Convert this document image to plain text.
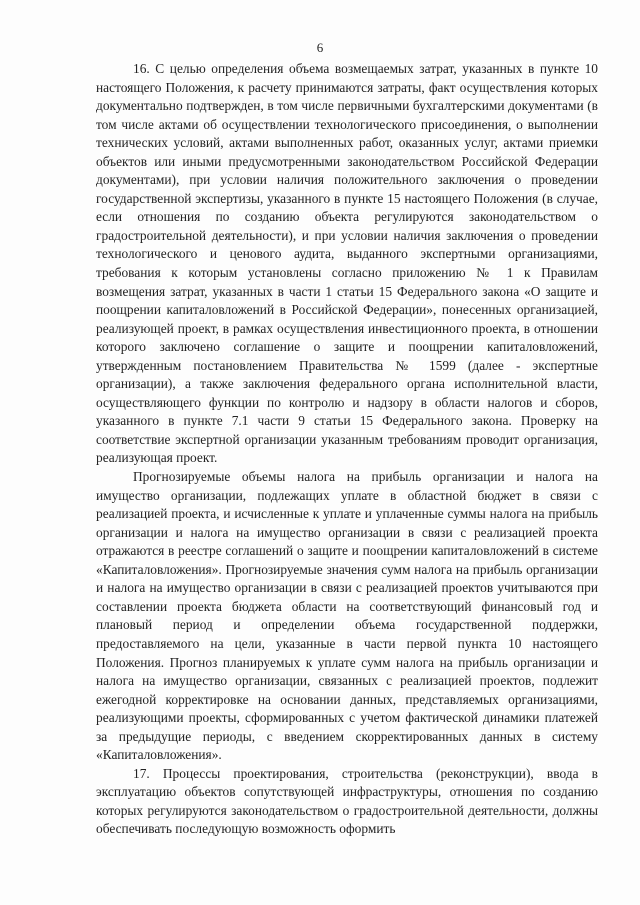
6

16. С целью определения объема возмещаемых затрат, указанных в пункте 10 настоящего Положения, к расчету принимаются затраты, факт осуществления которых документально подтвержден, в том числе первичными бухгалтерскими документами (в том числе актами об осуществлении технологического присоединения, о выполнении технических условий, актами выполненных работ, оказанных услуг, актами приемки объектов или иными предусмотренными законодательством Российской Федерации документами), при условии наличия положительного заключения о проведении государственной экспертизы, указанного в пункте 15 настоящего Положения (в случае, если отношения по созданию объекта регулируются законодательством о градостроительной деятельности), и при условии наличия заключения о проведении технологического и ценового аудита, выданного экспертными организациями, требования к которым установлены согласно приложению № 1 к Правилам возмещения затрат, указанных в части 1 статьи 15 Федерального закона «О защите и поощрении капиталовложений в Российской Федерации», понесенных организацией, реализующей проект, в рамках осуществления инвестиционного проекта, в отношении которого заключено соглашение о защите и поощрении капиталовложений, утвержденным постановлением Правительства № 1599 (далее - экспертные организации), а также заключения федерального органа исполнительной власти, осуществляющего функции по контролю и надзору в области налогов и сборов, указанного в пункте 7.1 части 9 статьи 15 Федерального закона. Проверку на соответствие экспертной организации указанным требованиям проводит организация, реализующая проект.

Прогнозируемые объемы налога на прибыль организации и налога на имущество организации, подлежащих уплате в областной бюджет в связи с реализацией проекта, и исчисленные к уплате и уплаченные суммы налога на прибыль организации и налога на имущество организации в связи с реализацией проекта отражаются в реестре соглашений о защите и поощрении капиталовложений в системе «Капиталовложения». Прогнозируемые значения сумм налога на прибыль организации и налога на имущество организации в связи с реализацией проектов учитываются при составлении проекта бюджета области на соответствующий финансовый год и плановый период и определении объема государственной поддержки, предоставляемого на цели, указанные в части первой пункта 10 настоящего Положения. Прогноз планируемых к уплате сумм налога на прибыль организации и налога на имущество организации, связанных с реализацией проектов, подлежит ежегодной корректировке на основании данных, представляемых организациями, реализующими проекты, сформированных с учетом фактической динамики платежей за предыдущие периоды, с введением скорректированных данных в систему «Капиталовложения».

17. Процессы проектирования, строительства (реконструкции), ввода в эксплуатацию объектов сопутствующей инфраструктуры, отношения по созданию которых регулируются законодательством о градостроительной деятельности, должны обеспечивать последующую возможность оформить
